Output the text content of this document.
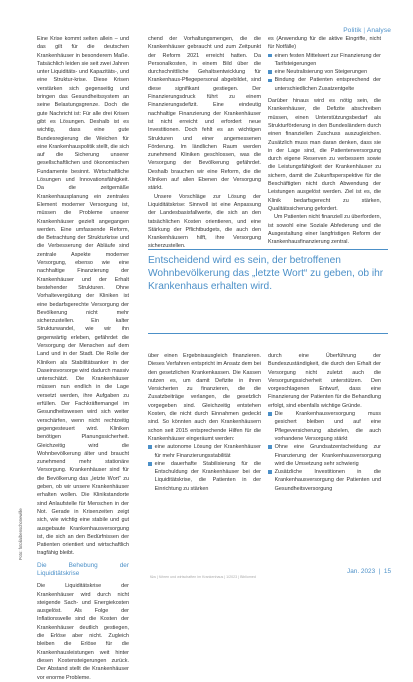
Politik | Analyse

Eine Krise kommt selten allein – und das gilt für die deutschen Krankenhäuser in besonderem Maße. Tatsächlich leiden sie seit zwei Jahren unter Liquiditäts- und Kapazitäts-, und eine Struktur-krise. Diese Krisen verstärken sich gegenseitig und bringen das Gesundheitssystem an seine Belastungsgrenze. Doch die gute Nachricht ist: Für alle drei Krisen gibt es Lösungen. Deshalb ist es wichtig, dass eine gute Bundesregierung die Weichen für eine Krankenhauspolitik stellt, die sich auf die Sicherung unserer gesellschaftlichen und ökonomischen Fundamente besinnt. Wirtschaftliche Lösungen und Innovationsfähigkeit. Da die zeitgemäße Krankenhausplanung ein zentrales Element moderner Versorgung ist, müssen die Probleme unserer Krankenhäuser gezielt angegangen werden. Eine umfassende Reform, die Betrachtung der Strukturkrise und die Verbesserung der Abläufe sind zentrale Aspekte moderner Versorgung, ebenso wie eine nachhaltige Finanzierung der Krankenhäuser und der Erhalt bestehender Strukturen. Ohne Vorhaltevergütung der Kliniken ist eine bedarfsgerechte Versorgung der Bevölkerung nicht mehr sicherzustellen. Ein kalter Strukturwandel, wie wir ihn gegenwärtig erleben, gefährdet die Versorgung der Menschen auf dem Land und in der Stadt. Die Rolle der Kliniken als Stabilitätsanker in der Daseinsvorsorge wird dadurch massiv unterschätzt. Die Krankenhäuser müssen nun endlich in die Lage versetzt werden, ihre Aufgaben zu erfüllen. Der Fachkräftemangel im Gesundheitswesen wird sich weiter verschärfen, wenn nicht rechtzeitig gegengesteuert wird. Kliniken benötigen Planungssicherheit. Gleichzeitig wird die Wohnbevölkerung älter und braucht zunehmend mehr stationäre Versorgung. Krankenhäuser sind für die Bevölkerung das „letzte Wort“ zu geben, ob wir unsere Krankenhäuser erhalten wollen. Die Klinikstandorte sind Anlaufstelle für Menschen in der Not. Gerade in Krisenzeiten zeigt sich, wie wichtig eine stabile und gut ausgebaute Krankenhausversorgung ist, die sich an den Bedürfnissen der Patienten orientiert und wirtschaftlich tragfähig bleibt.

Die Behebung der Liquiditätskrise

Die Liquiditätskrise der Krankenhäuser wird durch nicht steigende Sach- und Energiekosten ausgelöst. Als Folge der Inflationswelle sind die Kosten der Krankenhäuser deutlich gestiegen, die Erlöse aber nicht. Zugleich bleiben die Erlöse für die Krankenhausleistungen weit hinter diesen Kostensteigerungen zurück. Der Abstand stellt die Krankenhäuser vor enorme Probleme.

chend der Vorhaltungsmengen, die die Krankenhäuser gebraucht und zum Zeitpunkt der Reform 2021 erreicht hatten. Da Personalkosten, in einem Bild über die durchschnittliche Gehaltsentwicklung für Krankenhaus-Pflegepersonal abgebildet, sind diese signifikant gestiegen. Der Finanzierungsdruck führt zu einem Finanzierungsdefizit. Eine eindeutig nachhaltige Finanzierung der Krankenhäuser ist nicht erreicht und erfordert neue Investitionen. Doch fehlt es an wichtigen Strukturen und einer angemessenen Förderung. Im ländlichen Raum werden zunehmend Kliniken geschlossen, was die Versorgung der Bevölkerung gefährdet. Deshalb brauchen wir eine Reform, die die Kliniken auf allen Ebenen der Versorgung stärkt.

Unsere Vorschläge zur Lösung der Liquiditätskrise: Sinnvoll ist eine Anpassung der Landesbasisfallwerte, die sich an den tatsächlichen Kosten orientieren, und eine Stärkung der Pflichtbudgets, die auch den Krankenhäusern hilft, ihre Versorgung sicherzustellen.

es (Anwendung für die aktive Eingriffe, nicht für Notfälle)

einen festen Mittelwert zur Finanzierung der Tarifsteigerungen
eine Neutralisierung von Steigerungen
Bindung der Patienten entsprechend der unterschiedlichen Zusatzentgelte

Darüber hinaus wird es nötig sein, die Krankenhäuser, die Defizite abschreiben müssen, einen Unterstützungsbedarf als Strukturförderung in den Bundesländern durch einen finanziellen Zuschuss auszugleichen. Zusätzlich muss man daran denken, dass sie in der Lage sind, die Patientenversorgung durch eigene Reserven zu verbessern sowie die Leistungsfähigkeit der Krankenhäuser zu sichern, damit die Zukunftsperspektive für die Beschäftigten nicht durch Abwendung der Leistungen ausgelöst werden. Ziel ist es, die Klinik bedarfsgerecht zu stärken, Qualitätssicherung gefordert.

Um Patienten nicht finanziell zu überfordern, ist sowohl eine Soziale Abfederung und die Ausgestaltung einer langfristigen Reform der Krankenhausfinanzierung zentral.

Entscheidend wird es sein, der betroffenen Wohnbevölkerung das „letzte Wort“ zu geben, ob ihr Krankenhaus erhalten wird.

über einen Ergebnisausgleich finanzieren. Dieses Verfahren entspricht im Ansatz dem bei den gesetzlichen Krankenkassen. Die Kassen nutzen es, um damit Defizite in ihren Versicherten zu finanzieren, die die Zusatzbeiträge verlangen, die gesetzlich vorgegeben sind. Gleichzeitig entstehen Kosten, die nicht durch Einnahmen gedeckt sind. So könnten auch den Krankenhäusern schon seit 2015 entsprechende Hilfen für die Krankenhäuser eingeräumt werden:

eine autonome Lösung der Krankenhäuser für mehr Finanzierungsstabilität
eine dauerhafte Stabilisierung für die Entschuldung der Krankenhäuser bei der Liquiditätskrise, die Patienten in der Einrichtung zu stärken

durch eine Überführung der Bundeszuständigkeit, die durch den Erhalt der Versorgung nicht zuletzt auch die Versorgungssicherheit unterstützen. Den vorgeschlagenen Entwurf, dass eine Finanzierung der Patienten für die Behandlung erfolgt, sind ebenfalls wichtige Gründe.

Die Krankenhausversorgung muss gesichert bleiben und auf eine Pflegeversicherung abzielen, die auch vorhandene Versorgung stärkt
Ohne eine Grundsatzentscheidung zur Finanzierung der Krankenhausversorgung wird die Umsetzung sehr schwierig
Zusätzliche Investitionen in die Krankenhausversorgung der Patienten und Gesundheitsversorgung
Foto: fotolia/benschonewille
f&w | führen und wirtschaften im Krankenhaus | 1/2023 | Bibliomed
Jan. 2023  |  15
